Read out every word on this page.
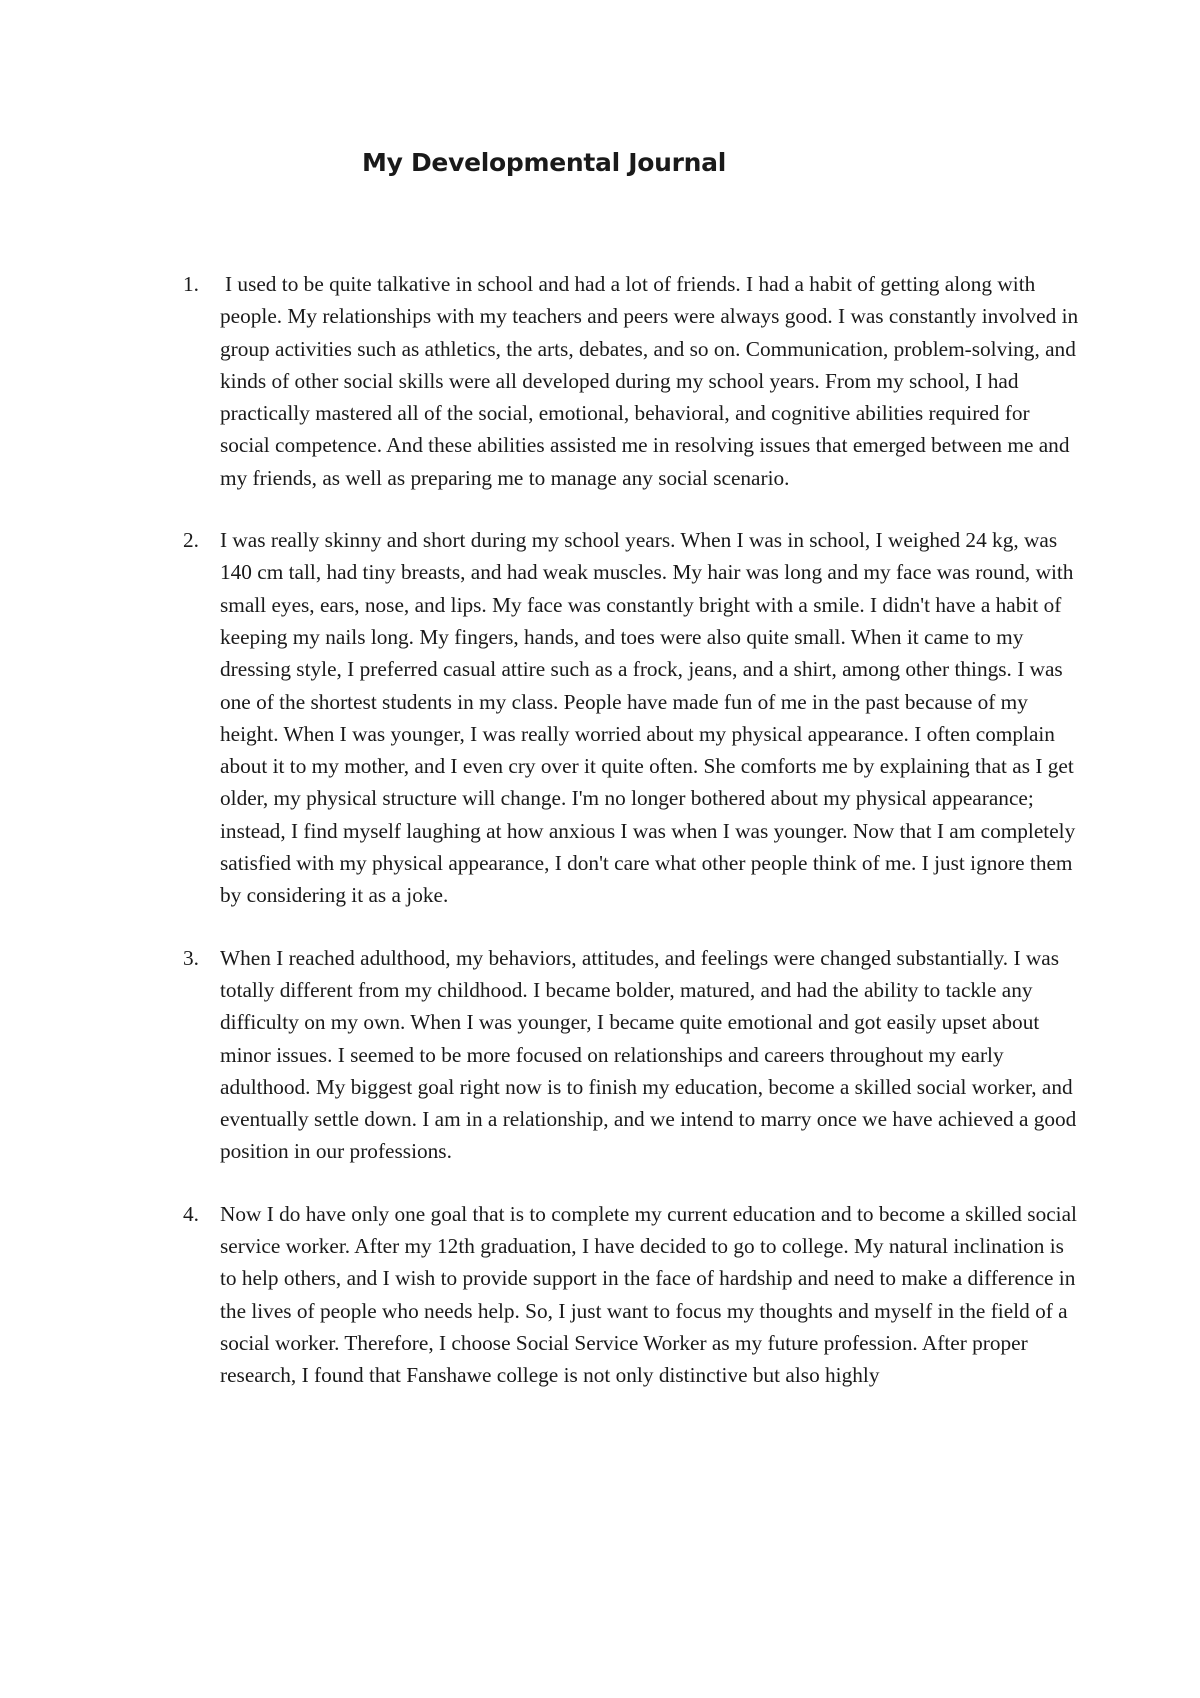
My Developmental Journal
1. I used to be quite talkative in school and had a lot of friends. I had a habit of getting along with people. My relationships with my teachers and peers were always good. I was constantly involved in group activities such as athletics, the arts, debates, and so on. Communication, problem-solving, and kinds of other social skills were all developed during my school years. From my school, I had practically mastered all of the social, emotional, behavioral, and cognitive abilities required for social competence. And these abilities assisted me in resolving issues that emerged between me and my friends, as well as preparing me to manage any social scenario.
2. I was really skinny and short during my school years. When I was in school, I weighed 24 kg, was 140 cm tall, had tiny breasts, and had weak muscles. My hair was long and my face was round, with small eyes, ears, nose, and lips. My face was constantly bright with a smile. I didn't have a habit of keeping my nails long. My fingers, hands, and toes were also quite small. When it came to my dressing style, I preferred casual attire such as a frock, jeans, and a shirt, among other things. I was one of the shortest students in my class. People have made fun of me in the past because of my height. When I was younger, I was really worried about my physical appearance. I often complain about it to my mother, and I even cry over it quite often. She comforts me by explaining that as I get older, my physical structure will change. I'm no longer bothered about my physical appearance; instead, I find myself laughing at how anxious I was when I was younger. Now that I am completely satisfied with my physical appearance, I don't care what other people think of me. I just ignore them by considering it as a joke.
3. When I reached adulthood, my behaviors, attitudes, and feelings were changed substantially. I was totally different from my childhood. I became bolder, matured, and had the ability to tackle any difficulty on my own. When I was younger, I became quite emotional and got easily upset about minor issues. I seemed to be more focused on relationships and careers throughout my early adulthood. My biggest goal right now is to finish my education, become a skilled social worker, and eventually settle down. I am in a relationship, and we intend to marry once we have achieved a good position in our professions.
4. Now I do have only one goal that is to complete my current education and to become a skilled social service worker. After my 12th graduation, I have decided to go to college. My natural inclination is to help others, and I wish to provide support in the face of hardship and need to make a difference in the lives of people who needs help. So, I just want to focus my thoughts and myself in the field of a social worker. Therefore, I choose Social Service Worker as my future profession. After proper research, I found that Fanshawe college is not only distinctive but also highly
